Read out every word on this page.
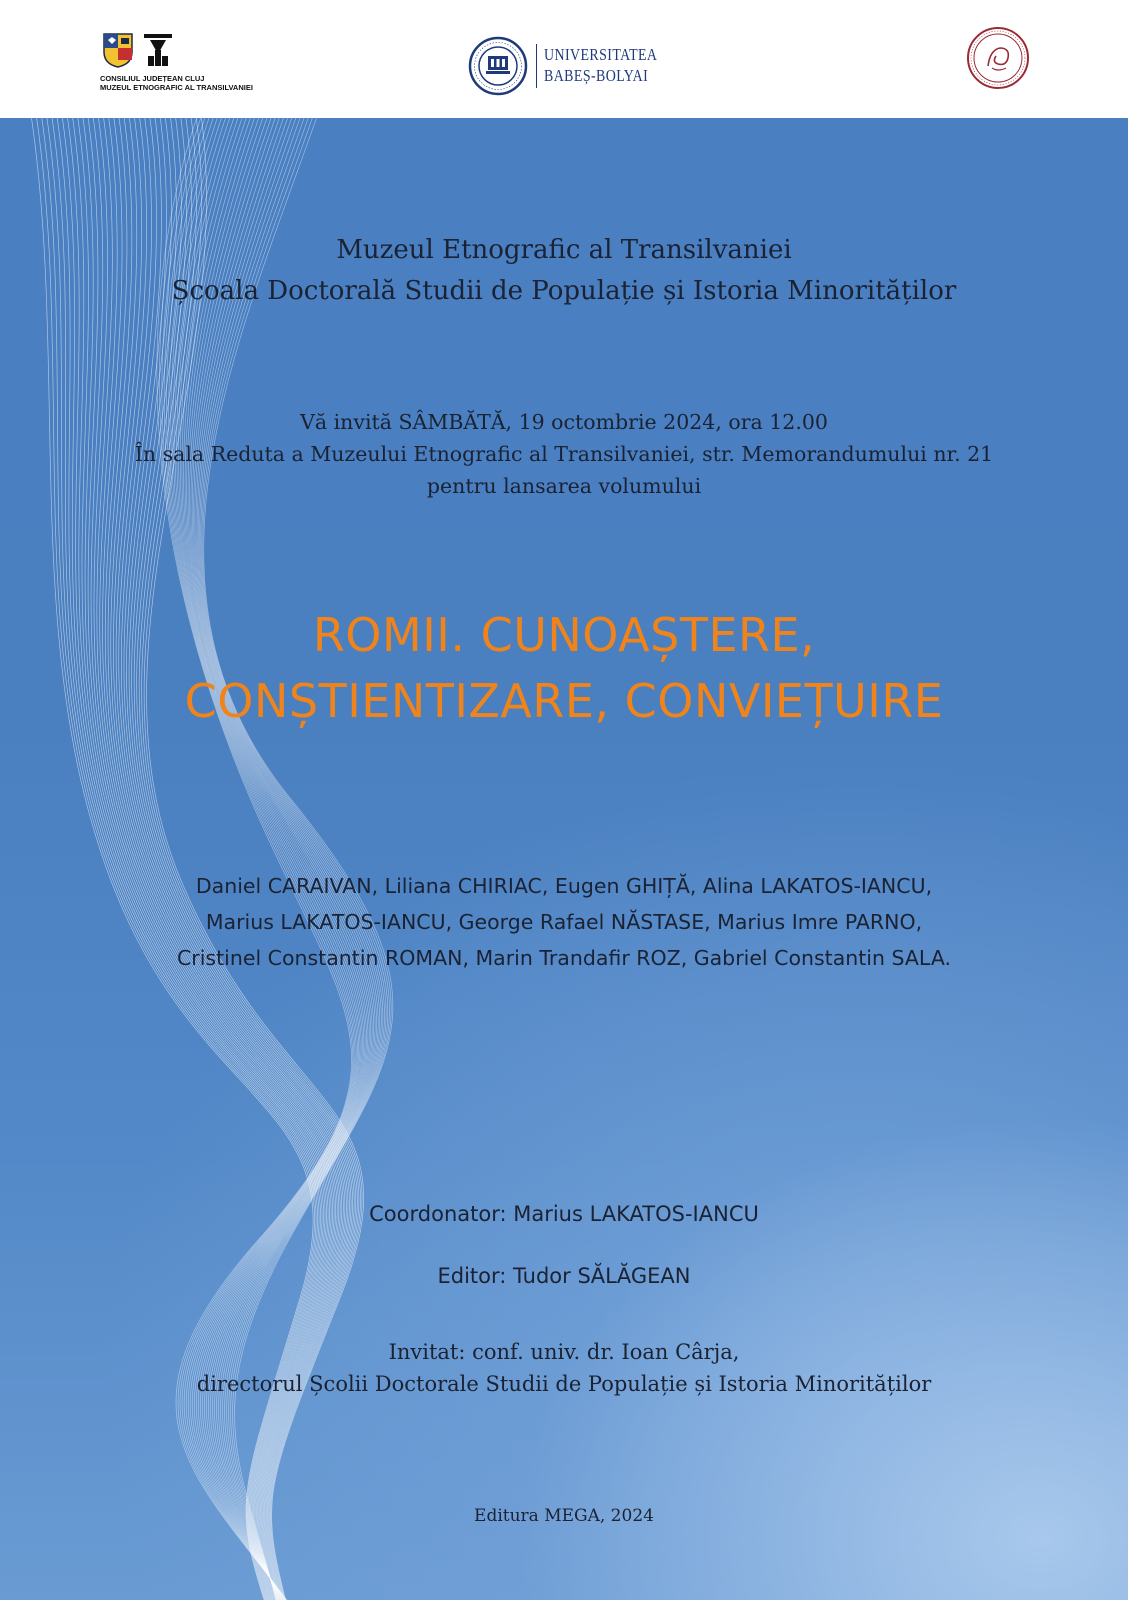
CONSILIUL JUDEȚEAN CLUJ
MUZEUL ETNOGRAFIC AL TRANSILVANIEI
UNIVERSITATEA
BABEȘ-BOLYAI
Muzeul Etnografic al Transilvaniei
Școala Doctorală Studii de Populație și Istoria Minorităților
Vă invită SÂMBĂTĂ, 19 octombrie 2024, ora 12.00
În sala Reduta a Muzeului Etnografic al Transilvaniei, str. Memorandumului nr. 21
pentru lansarea volumului
ROMII. CUNOAȘTERE,
CONȘTIENTIZARE, CONVIEȚUIRE
Daniel CARAIVAN, Liliana CHIRIAC, Eugen GHIȚĂ, Alina LAKATOS-IANCU,
Marius LAKATOS-IANCU, George Rafael NĂSTASE, Marius Imre PARNO,
Cristinel Constantin ROMAN, Marin Trandafir ROZ, Gabriel Constantin SALA.
Coordonator: Marius LAKATOS-IANCU
Editor: Tudor SĂLĂGEAN
Invitat: conf. univ. dr. Ioan Cârja,
directorul Școlii Doctorale Studii de Populație și Istoria Minorităților
Editura MEGA, 2024
